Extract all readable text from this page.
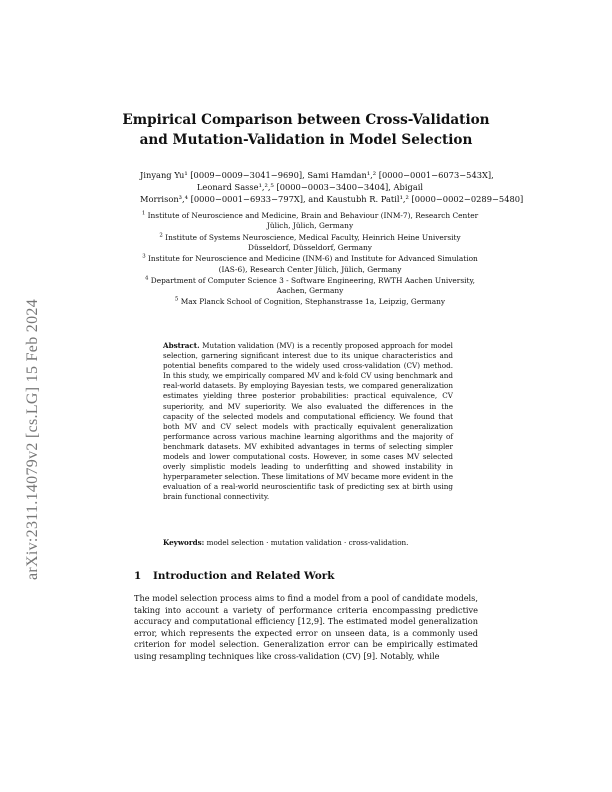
arXiv:2311.14079v2 [cs.LG] 15 Feb 2024
Empirical Comparison between Cross-Validation
and Mutation-Validation in Model Selection
Jinyang Yu¹ [0009−0009−3041−9690], Sami Hamdan¹,² [0000−0001−6073−543X],
Leonard Sasse¹,²,⁵ [0000−0003−3400−3404], Abigail
Morrison³,⁴ [0000−0001−6933−797X], and Kaustubh R. Patil¹,² [0000−0002−0289−5480]
$^1$ Institute of Neuroscience and Medicine, Brain and Behaviour (INM-7), Research Center Jülich, Jülich, Germany
$^2$ Institute of Systems Neuroscience, Medical Faculty, Heinrich Heine University Düsseldorf, Düsseldorf, Germany
$^3$ Institute for Neuroscience and Medicine (INM-6) and Institute for Advanced Simulation (IAS-6), Research Center Jülich, Jülich, Germany
$^4$ Department of Computer Science 3 - Software Engineering, RWTH Aachen University, Aachen, Germany
$^5$ Max Planck School of Cognition, Stephanstrasse 1a, Leipzig, Germany
Abstract. Mutation validation (MV) is a recently proposed approach for model selection, garnering significant interest due to its unique characteristics and potential benefits compared to the widely used cross-validation (CV) method. In this study, we empirically compared MV and k-fold CV using benchmark and real-world datasets. By employing Bayesian tests, we compared generalization estimates yielding three posterior probabilities: practical equivalence, CV superiority, and MV superiority. We also evaluated the differences in the capacity of the selected models and computational efficiency. We found that both MV and CV select models with practically equivalent generalization performance across various machine learning algorithms and the majority of benchmark datasets. MV exhibited advantages in terms of selecting simpler models and lower computational costs. However, in some cases MV selected overly simplistic models leading to underfitting and showed instability in hyperparameter selection. These limitations of MV became more evident in the evaluation of a real-world neuroscientific task of predicting sex at birth using brain functional connectivity.
Keywords: model selection · mutation validation · cross-validation.
1 Introduction and Related Work
The model selection process aims to find a model from a pool of candidate models, taking into account a variety of performance criteria encompassing predictive accuracy and computational efficiency [12,9]. The estimated model generalization error, which represents the expected error on unseen data, is a commonly used criterion for model selection. Generalization error can be empirically estimated using resampling techniques like cross-validation (CV) [9]. Notably, while
